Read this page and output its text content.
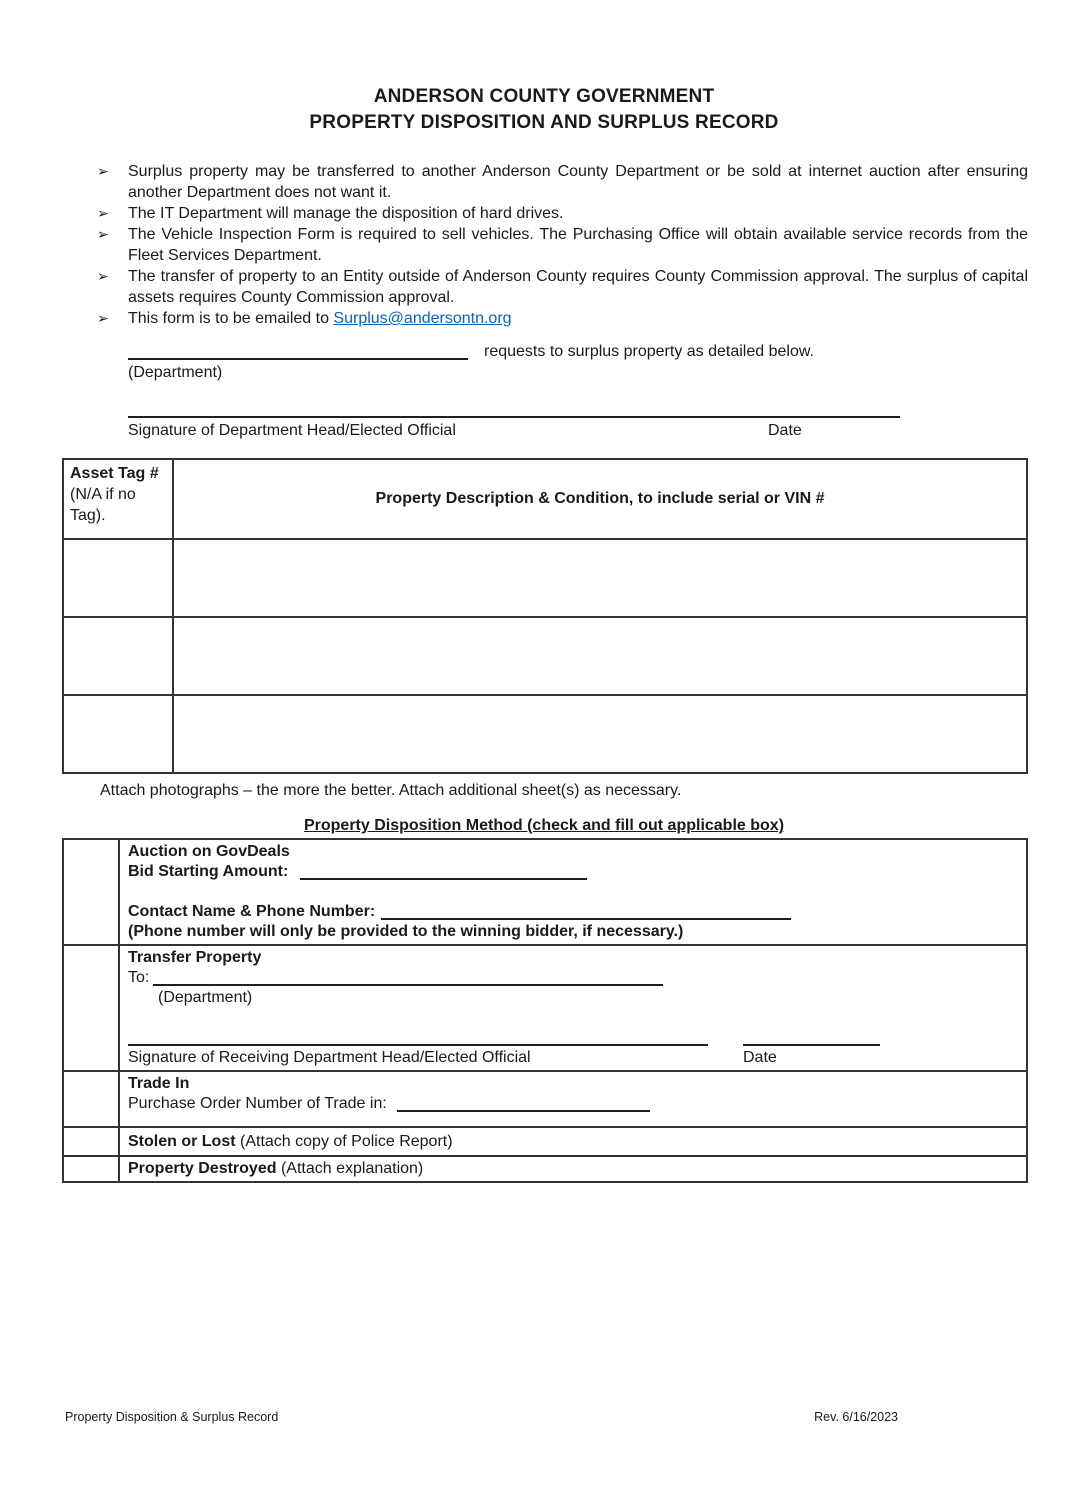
ANDERSON COUNTY GOVERNMENT
PROPERTY DISPOSITION AND SURPLUS RECORD
➢ Surplus property may be transferred to another Anderson County Department or be sold at internet auction after ensuring another Department does not want it.
➢ The IT Department will manage the disposition of hard drives.
➢ The Vehicle Inspection Form is required to sell vehicles. The Purchasing Office will obtain available service records from the Fleet Services Department.
➢ The transfer of property to an Entity outside of Anderson County requires County Commission approval. The surplus of capital assets requires County Commission approval.
➢ This form is to be emailed to Surplus@andersontn.org
requests to surplus property as detailed below.
(Department)
Signature of Department Head/Elected Official	Date
Asset Tag # (N/A if no Tag).	Property Description & Condition, to include serial or VIN #

Attach photographs – the more the better. Attach additional sheet(s) as necessary.
Property Disposition Method (check and fill out applicable box)

	Auction on GovDeals

Bid Starting Amount:

Contact Name & Phone Number:

(Phone number will only be provided to the winning bidder, if necessary.)

	Transfer Property

To:

(Department)

Signature of Receiving Department Head/Elected Official Date

	Trade In

Purchase Order Number of Trade in:

	Stolen or Lost (Attach copy of Police Report)

	Property Destroyed (Attach explanation)

Property Disposition & Surplus Record	Rev. 6/16/2023
